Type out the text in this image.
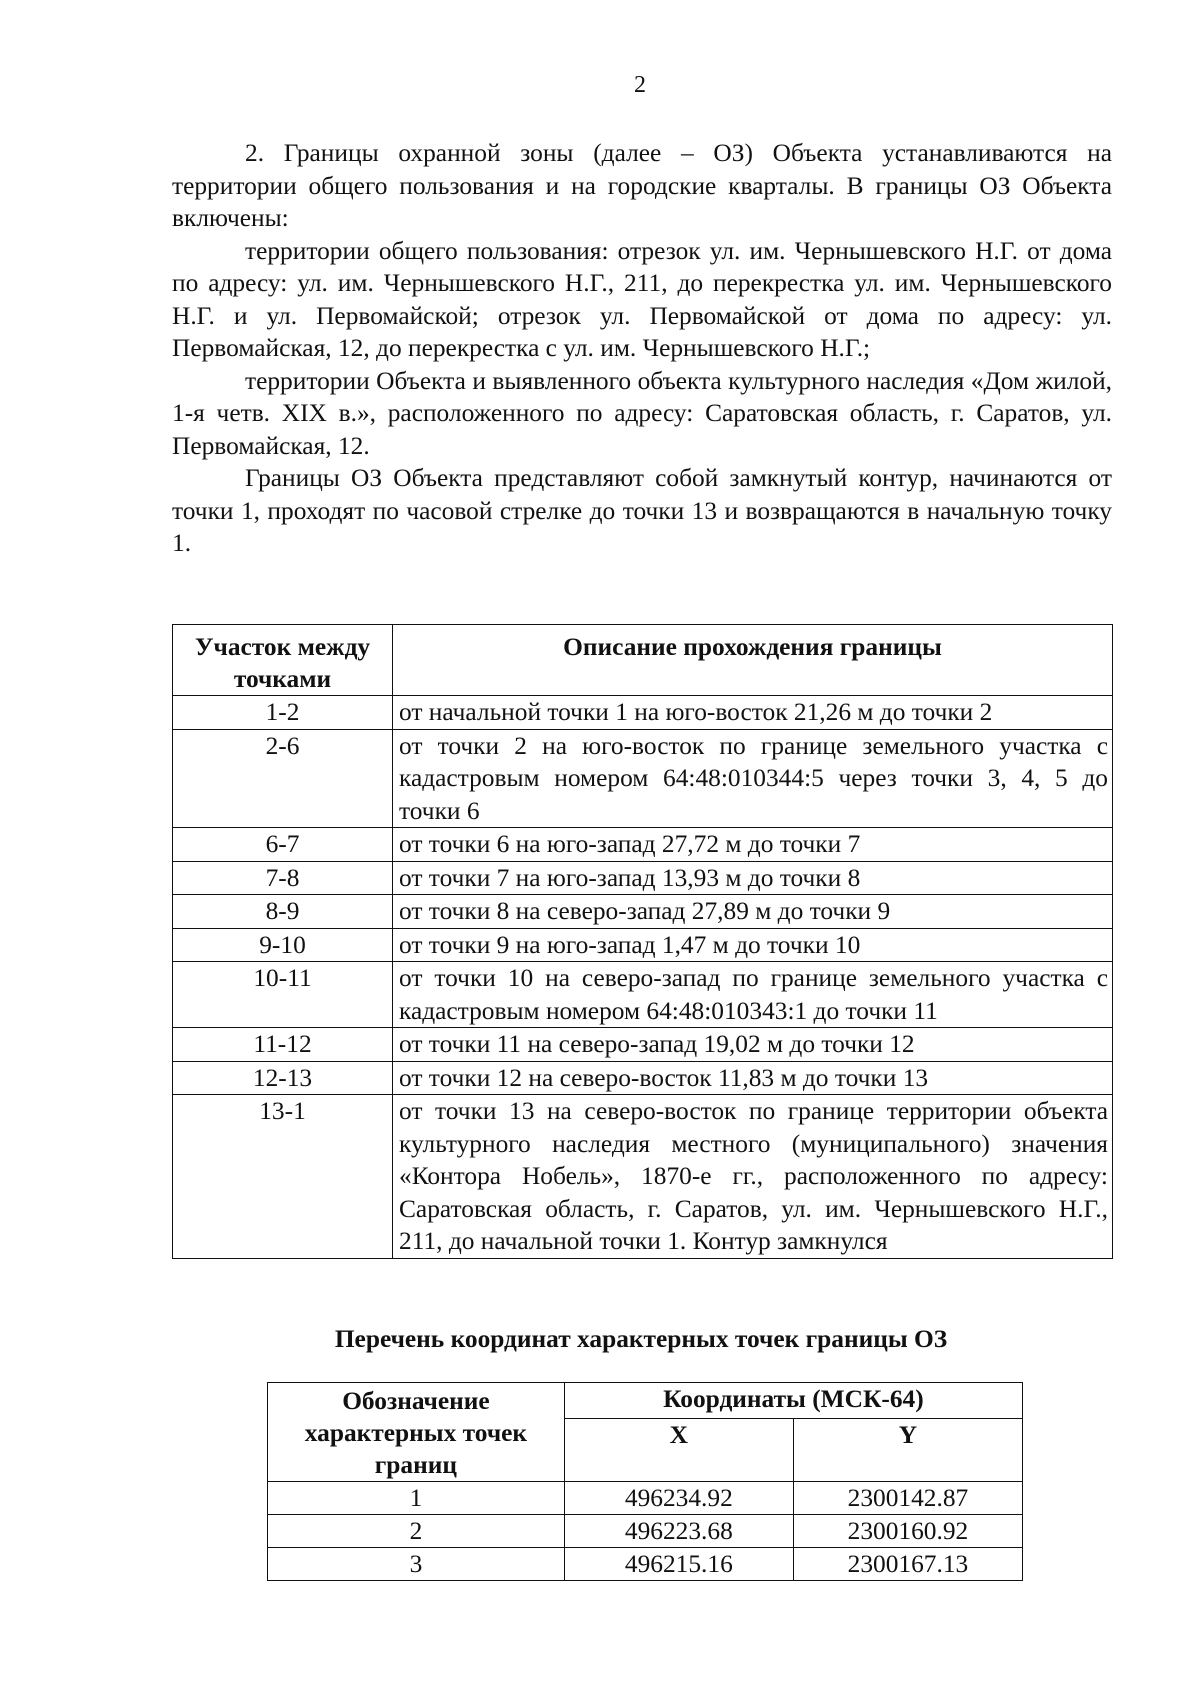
2

2. Границы охранной зоны (далее – ОЗ) Объекта устанавливаются на территории общего пользования и на городские кварталы. В границы ОЗ Объекта включены:

территории общего пользования: отрезок ул. им. Чернышевского Н.Г. от дома по адресу: ул. им. Чернышевского Н.Г., 211, до перекрестка ул. им. Чернышевского Н.Г. и ул. Первомайской; отрезок ул. Первомайской от дома по адресу: ул. Первомайская, 12, до перекрестка с ул. им. Чернышевского Н.Г.;

территории Объекта и выявленного объекта культурного наследия «Дом жилой, 1-я четв. XIX в.», расположенного по адресу: Саратовская область, г. Саратов, ул. Первомайская, 12.

Границы ОЗ Объекта представляют собой замкнутый контур, начинаются от точки 1, проходят по часовой стрелке до точки 13 и возвращаются в начальную точку 1.

Участок между точками	Описание прохождения границы
1-2	от начальной точки 1 на юго-восток 21,26 м до точки 2
2-6	от точки 2 на юго-восток по границе земельного участка с кадастровым номером 64:48:010344:5 через точки 3, 4, 5 до точки 6
6-7	от точки 6 на юго-запад 27,72 м до точки 7
7-8	от точки 7 на юго-запад 13,93 м до точки 8
8-9	от точки 8 на северо-запад 27,89 м до точки 9
9-10	от точки 9 на юго-запад 1,47 м до точки 10
10-11	от точки 10 на северо-запад по границе земельного участка с кадастровым номером 64:48:010343:1 до точки 11
11-12	от точки 11 на северо-запад 19,02 м до точки 12
12-13	от точки 12 на северо-восток 11,83 м до точки 13
13-1	от точки 13 на северо-восток по границе территории объекта культурного наследия местного (муниципального) значения «Контора Нобель», 1870-е гг., расположенного по адресу: Саратовская область, г. Саратов, ул. им. Чернышевского Н.Г., 211, до начальной точки 1. Контур замкнулся
Перечень координат характерных точек границы ОЗ
Обозначение характерных точек границ	Координаты (МСК-64)	
	X	Y
1	496234.92	2300142.87
2	496223.68	2300160.92
3	496215.16	2300167.13
